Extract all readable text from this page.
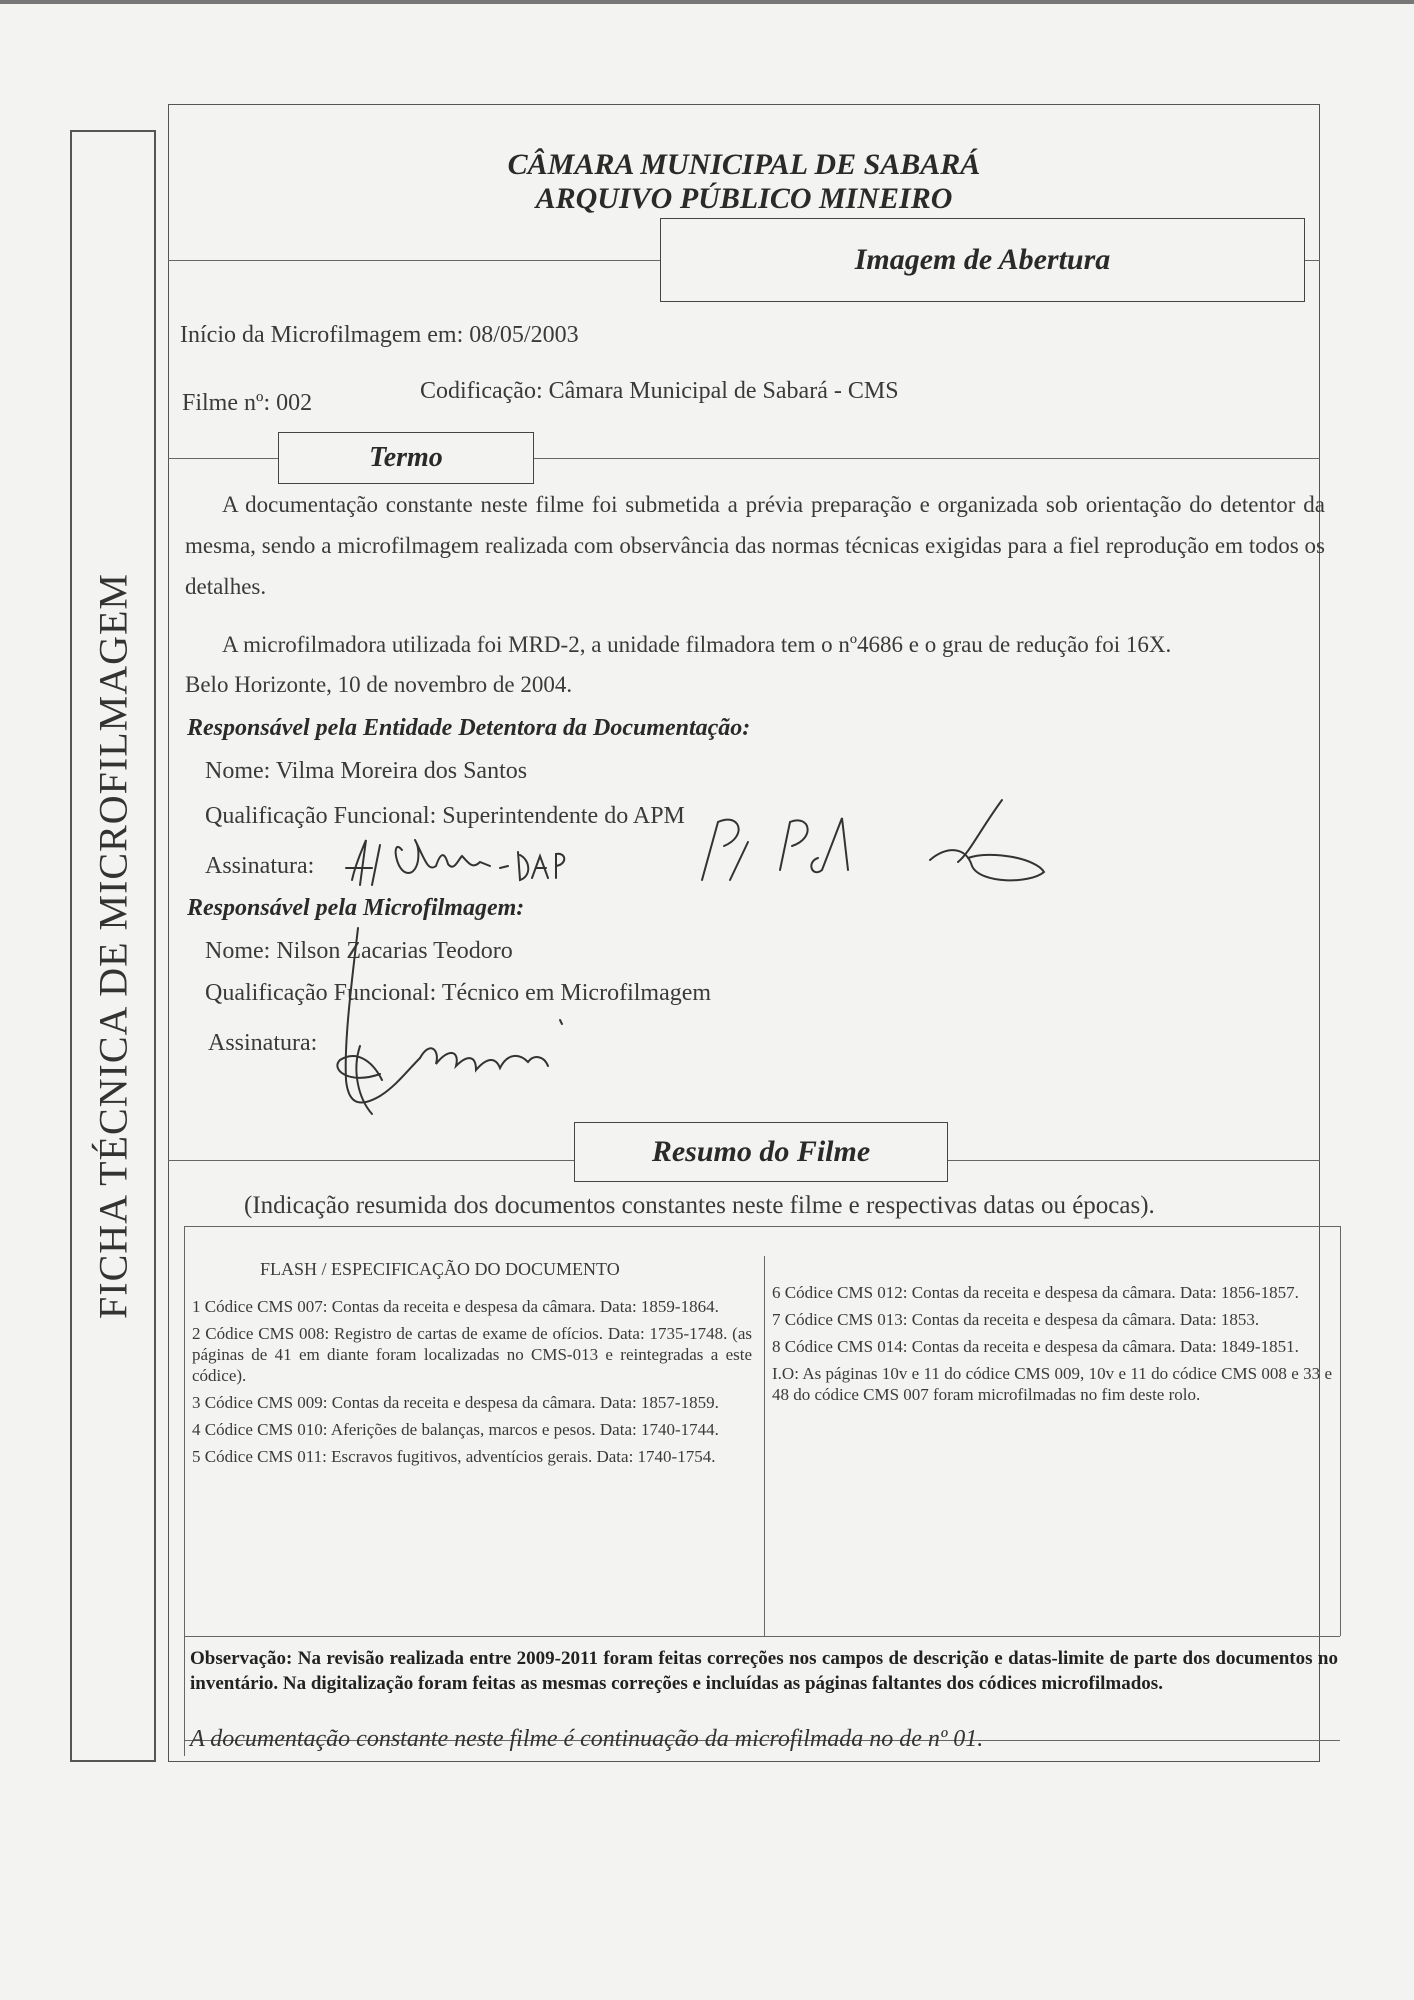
FICHA TÉCNICA DE MICROFILMAGEM
CÂMARA MUNICIPAL DE SABARÁ
ARQUIVO PÚBLICO MINEIRO
Imagem de Abertura
Início da Microfilmagem em: 08/05/2003
Filme nº: 002	Codificação: Câmara Municipal de Sabará - CMS
Termo
A documentação constante neste filme foi submetida a prévia preparação e organizada sob orientação do detentor da mesma, sendo a microfilmagem realizada com observância das normas técnicas exigidas para a fiel reprodução em todos os detalhes.
A microfilmadora utilizada foi MRD-2, a unidade filmadora tem o nº4686 e o grau de redução foi 16X.
Belo Horizonte, 10 de novembro de 2004.
Responsável pela Entidade Detentora da Documentação:
Nome: Vilma Moreira dos Santos
Qualificação Funcional: Superintendente do APM
Assinatura:
Responsável pela Microfilmagem:
Nome: Nilson Zacarias Teodoro
Qualificação Funcional: Técnico em Microfilmagem
Assinatura:
Resumo do Filme
(Indicação resumida dos documentos constantes neste filme e respectivas datas ou épocas).
FLASH / ESPECIFICAÇÃO DO DOCUMENTO

1 Códice CMS 007: Contas da receita e despesa da câmara. Data: 1859-1864.

2 Códice CMS 008: Registro de cartas de exame de ofícios. Data: 1735-1748. (as páginas de 41 em diante foram localizadas no CMS-013 e reintegradas a este códice).

3 Códice CMS 009: Contas da receita e despesa da câmara. Data: 1857-1859.

4 Códice CMS 010: Aferições de balanças, marcos e pesos. Data: 1740-1744.

5 Códice CMS 011: Escravos fugitivos, adventícios gerais. Data: 1740-1754.

6 Códice CMS 012: Contas da receita e despesa da câmara. Data: 1856-1857.

7 Códice CMS 013: Contas da receita e despesa da câmara. Data: 1853.

8 Códice CMS 014: Contas da receita e despesa da câmara. Data: 1849-1851.

I.O: As páginas 10v e 11 do códice CMS 009, 10v e 11 do códice CMS 008 e 33 e 48 do códice CMS 007 foram microfilmadas no fim deste rolo.

Observação: Na revisão realizada entre 2009-2011 foram feitas correções nos campos de descrição e datas-limite de parte dos documentos no inventário. Na digitalização foram feitas as mesmas correções e incluídas as páginas faltantes dos códices microfilmados.
A documentação constante neste filme é continuação da microfilmada no de nº 01.
